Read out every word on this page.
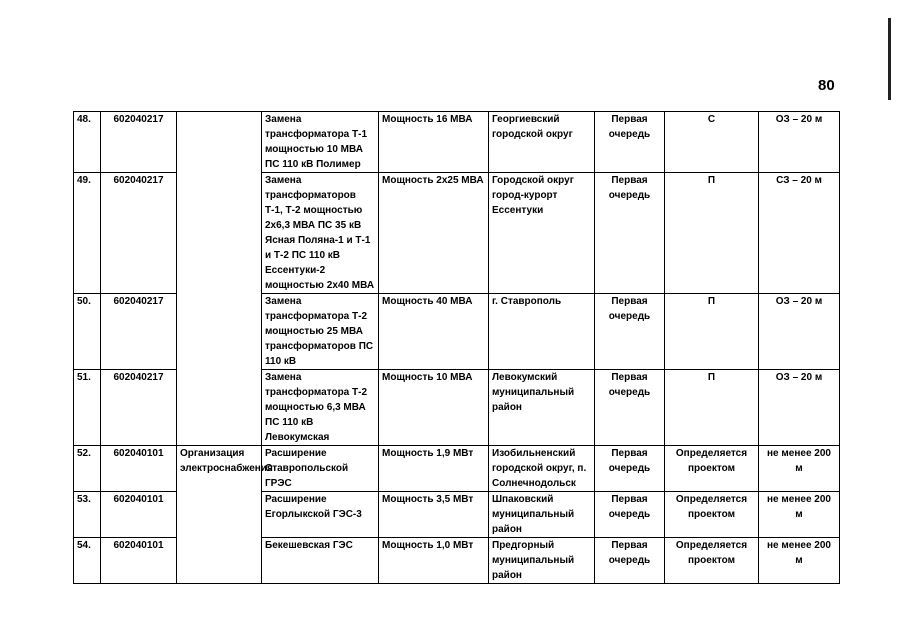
80
48.	602040217		Замена трансформатора Т-1 мощностью 10 МВА ПС 110 кВ Полимер	Мощность 16 МВА	Георгиевский городской округ	Первая очередь	С	ОЗ – 20 м
49.	602040217		Замена трансформаторов Т-1, Т-2 мощностью 2х6,3 МВА ПС 35 кВ Ясная Поляна-1 и Т-1 и Т-2 ПС 110 кВ Ессентуки-2 мощностью 2х40 МВА	Мощность 2х25 МВА	Городской округ город-курорт Ессентуки	Первая очередь	П	СЗ – 20 м
50.	602040217		Замена трансформатора Т-2 мощностью 25 МВА трансформаторов ПС 110 кВ	Мощность 40 МВА	г. Ставрополь	Первая очередь	П	ОЗ – 20 м
51.	602040217		Замена трансформатора Т-2 мощностью 6,3 МВА ПС 110 кВ Левокумская	Мощность 10 МВА	Левокумский муниципальный район	Первая очередь	П	ОЗ – 20 м
52.	602040101	Организация электроснабжения	Расширение Ставропольской ГРЭС	Мощность 1,9 МВт	Изобильненский городской округ, п. Солнечнодольск	Первая очередь	Определяется проектом	не менее 200 м
53.	602040101		Расширение Егорлыкской ГЭС-3	Мощность 3,5 МВт	Шпаковский муниципальный район	Первая очередь	Определяется проектом	не менее 200 м
54.	602040101		Бекешевская ГЭС	Мощность 1,0 МВт	Предгорный муниципальный район	Первая очередь	Определяется проектом	не менее 200 м
